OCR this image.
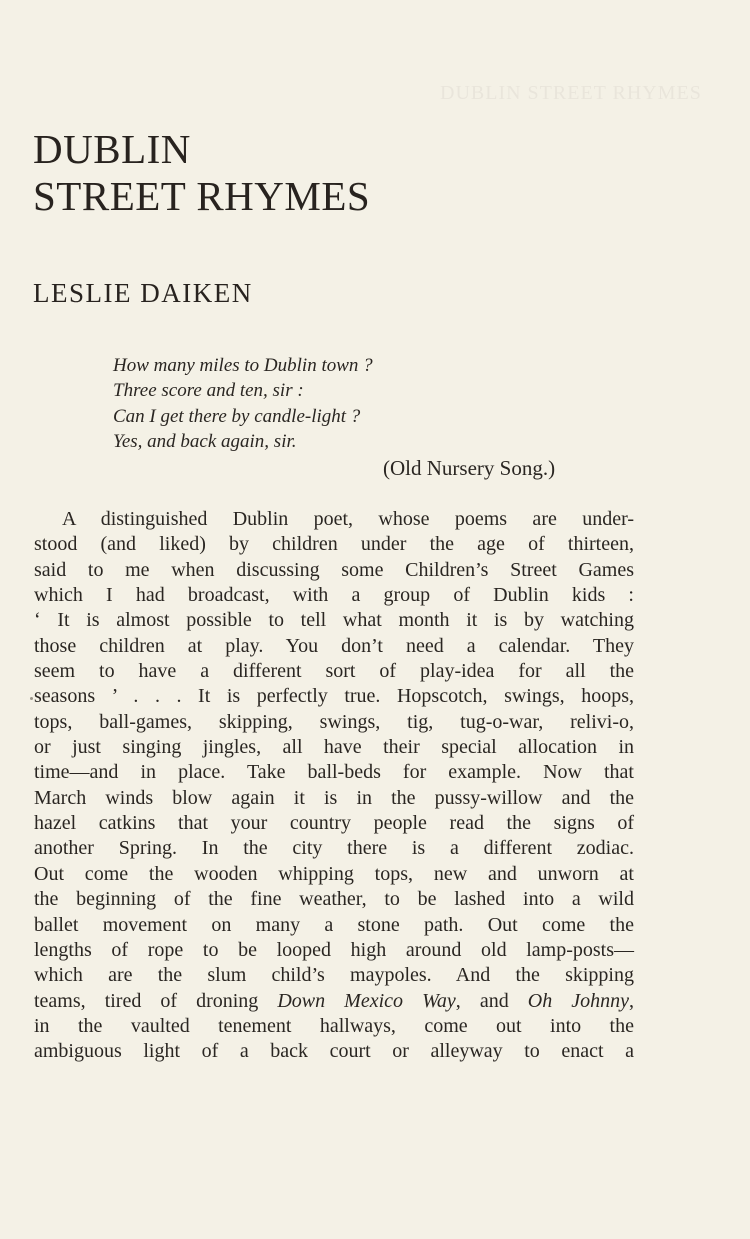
DUBLIN STREET RHYMES
DUBLIN
STREET RHYMES
LESLIE DAIKEN
How many miles to Dublin town ?
Three score and ten, sir :
Can I get there by candle-light ?
Yes, and back again, sir.

(Old Nursery Song.)

A distinguished Dublin poet, whose poems are under-
stood (and liked) by children under the age of thirteen,
said to me when discussing some Children’s Street Games
which I had broadcast, with a group of Dublin kids :
‘ It is almost possible to tell what month it is by watching
those children at play. You don’t need a calendar. They
seem to have a different sort of play-idea for all the
seasons ’ . . . It is perfectly true. Hopscotch, swings, hoops,
tops, ball-games, skipping, swings, tig, tug-o-war, relivi-o,
or just singing jingles, all have their special allocation in
time—and in place. Take ball-beds for example. Now that
March winds blow again it is in the pussy-willow and the
hazel catkins that your country people read the signs of
another Spring. In the city there is a different zodiac.
Out come the wooden whipping tops, new and unworn at
the beginning of the fine weather, to be lashed into a wild
ballet movement on many a stone path. Out come the
lengths of rope to be looped high around old lamp-posts—
which are the slum child’s maypoles. And the skipping
teams, tired of droning Down Mexico Way, and Oh Johnny,
in the vaulted tenement hallways, come out into the
ambiguous light of a back court or alleyway to enact a
